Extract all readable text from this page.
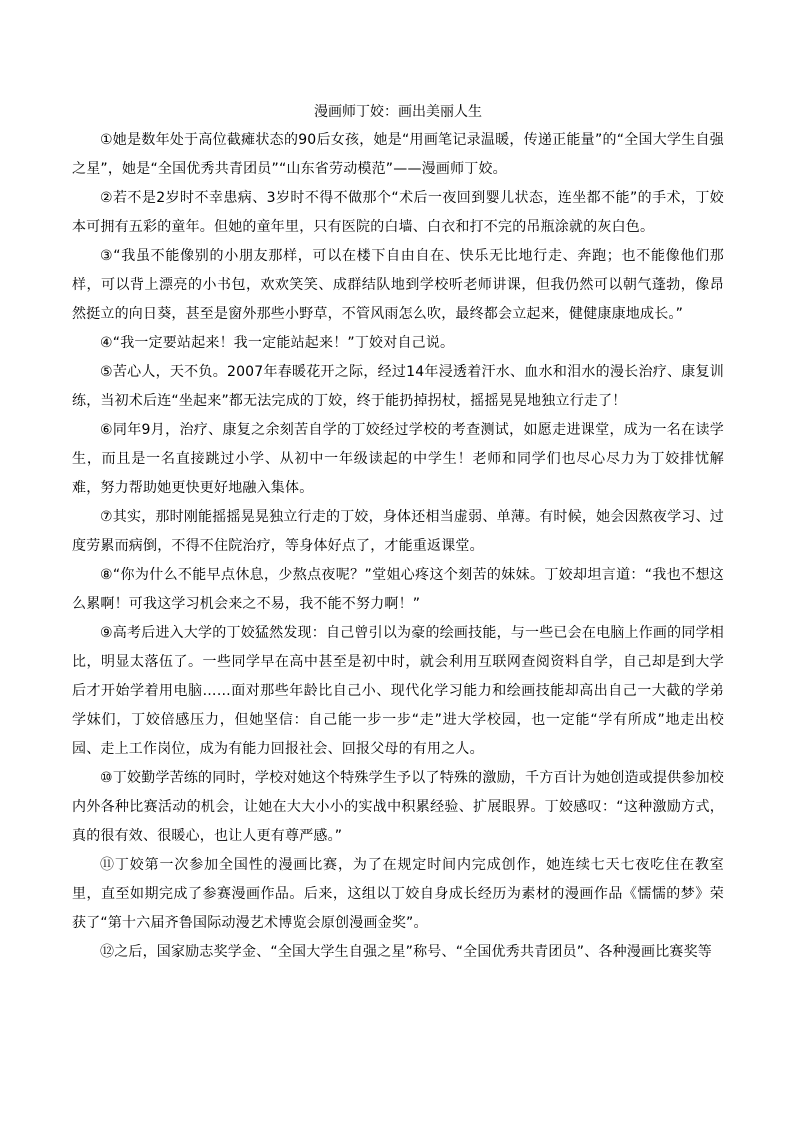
漫画师丁姣：画出美丽人生

①她是数年处于高位截瘫状态的90后女孩，她是“用画笔记录温暖，传递正能量”的“全国大学生自强之星”，她是“全国优秀共青团员”“山东省劳动模范”——漫画师丁姣。

②若不是2岁时不幸患病、3岁时不得不做那个“术后一夜回到婴儿状态，连坐都不能”的手术，丁姣本可拥有五彩的童年。但她的童年里，只有医院的白墙、白衣和打不完的吊瓶涂就的灰白色。

③“我虽不能像别的小朋友那样，可以在楼下自由自在、快乐无比地行走、奔跑；也不能像他们那样，可以背上漂亮的小书包，欢欢笑笑、成群结队地到学校听老师讲课，但我仍然可以朝气蓬勃，像昂然挺立的向日葵，甚至是窗外那些小野草，不管风雨怎么吹，最终都会立起来，健健康康地成长。”

④“我一定要站起来！我一定能站起来！”丁姣对自己说。

⑤苦心人，天不负。2007年春暖花开之际，经过14年浸透着汗水、血水和泪水的漫长治疗、康复训练，当初术后连“坐起来”都无法完成的丁姣，终于能扔掉拐杖，摇摇晃晃地独立行走了！

⑥同年9月，治疗、康复之余刻苦自学的丁姣经过学校的考查测试，如愿走进课堂，成为一名在读学生，而且是一名直接跳过小学、从初中一年级读起的中学生！老师和同学们也尽心尽力为丁姣排忧解难，努力帮助她更快更好地融入集体。

⑦其实，那时刚能摇摇晃晃独立行走的丁姣，身体还相当虚弱、单薄。有时候，她会因熬夜学习、过度劳累而病倒，不得不住院治疗，等身体好点了，才能重返课堂。

⑧“你为什么不能早点休息，少熬点夜呢？”堂姐心疼这个刻苦的妹妹。丁姣却坦言道：“我也不想这么累啊！可我这学习机会来之不易，我不能不努力啊！”

⑨高考后进入大学的丁姣猛然发现：自己曾引以为豪的绘画技能，与一些已会在电脑上作画的同学相比，明显太落伍了。一些同学早在高中甚至是初中时，就会利用互联网查阅资料自学，自己却是到大学后才开始学着用电脑……面对那些年龄比自己小、现代化学习能力和绘画技能却高出自己一大截的学弟学妹们，丁姣倍感压力，但她坚信：自己能一步一步“走”进大学校园，也一定能“学有所成”地走出校园、走上工作岗位，成为有能力回报社会、回报父母的有用之人。

⑩丁姣勤学苦练的同时，学校对她这个特殊学生予以了特殊的激励，千方百计为她创造或提供参加校内外各种比赛活动的机会，让她在大大小小的实战中积累经验、扩展眼界。丁姣感叹：“这种激励方式，真的很有效、很暖心，也让人更有尊严感。”

⑪丁姣第一次参加全国性的漫画比赛，为了在规定时间内完成创作，她连续七天七夜吃住在教室里，直至如期完成了参赛漫画作品。后来，这组以丁姣自身成长经历为素材的漫画作品《懦懦的梦》荣获了“第十六届齐鲁国际动漫艺术博览会原创漫画金奖”。

⑫之后，国家励志奖学金、“全国大学生自强之星”称号、“全国优秀共青团员”、各种漫画比赛奖等
